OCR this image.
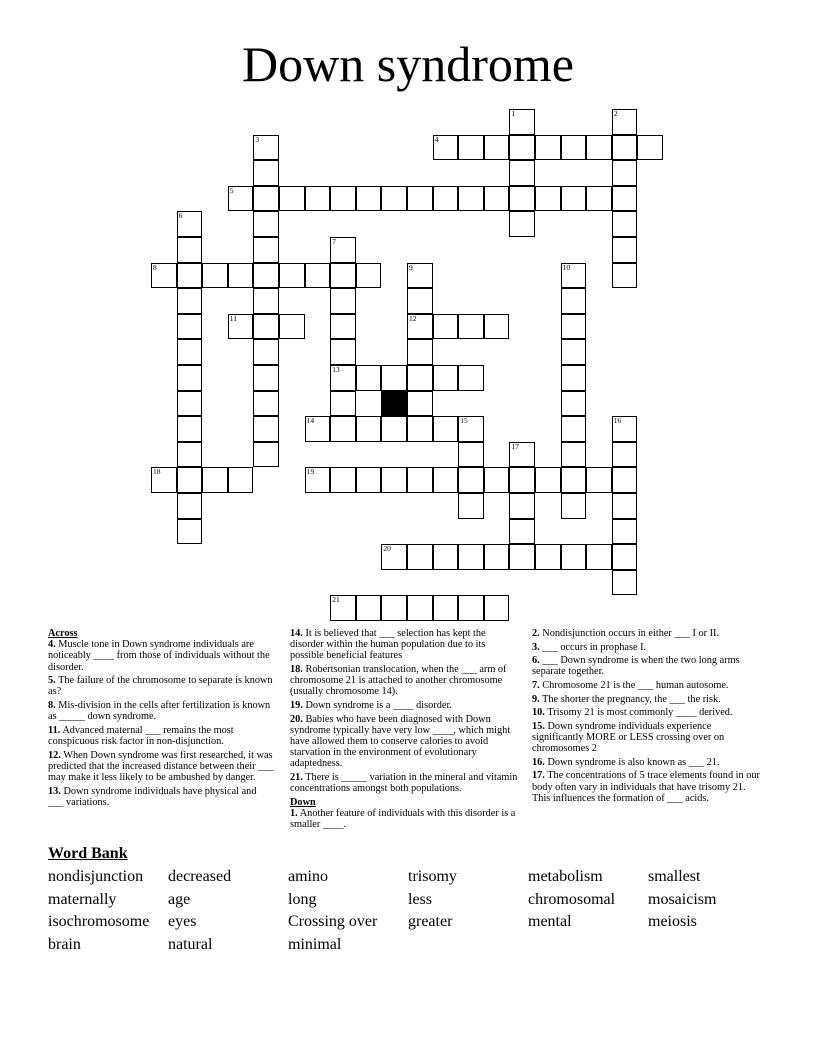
Down syndrome
1	2
3	4
5
6
7
13
8	9
12
10
11
14	15	16
17
18	19
20
21

Across

4. Muscle tone in Down syndrome individuals are noticeably ____ from those of individuals without the disorder.

5. The failure of the chromosome to separate is known as?

8. Mis-division in the cells after fertilization is known as _____ down syndrome.

11. Advanced maternal ___ remains the most conspicuous risk factor in non-disjunction.

12. When Down syndrome was first researched, it was predicted that the increased distance between their ___ may make it less likely to be ambushed by danger.

13. Down syndrome individuals have physical and ___ variations.

14. It is believed that ___ selection has kept the disorder within the human population due to its possible beneficial features

18. Robertsonian translocation, when the ___ arm of chromosome 21 is attached to another chromosome (usually chromosome 14).

19. Down syndrome is a ____ disorder.

20. Babies who have been diagnosed with Down syndrome typically have very low ____, which might have allowed them to conserve calories to avoid starvation in the environment of evolutionary adaptedness.

21. There is _____ variation in the mineral and vitamin concentrations amongst both populations.

Down

1. Another feature of individuals with this disorder is a smaller ____.

2. Nondisjunction occurs in either ___ I or II.

3. ___ occurs in prophase I.

6. ___ Down syndrome is when the two long arms separate together.

7. Chromosome 21 is the ___ human autosome.

9. The shorter the pregnancy, the ___ the risk.

10. Trisomy 21 is most commonly ____ derived.

15. Down syndrome individuals experience significantly MORE or LESS crossing over on chromosomes 2

16. Down syndrome is also known as ___ 21.

17. The concentrations of 5 trace elements found in our body often vary in individuals that have trisomy 21. This influences the formation of ___ acids.

Word Bank

nondisjunction	decreased	amino	trisomy	metabolism	smallest
maternally	age	long	less	chromosomal	mosaicism
isochromosome	eyes	Crossing over	greater	mental	meiosis
brain	natural	minimal
